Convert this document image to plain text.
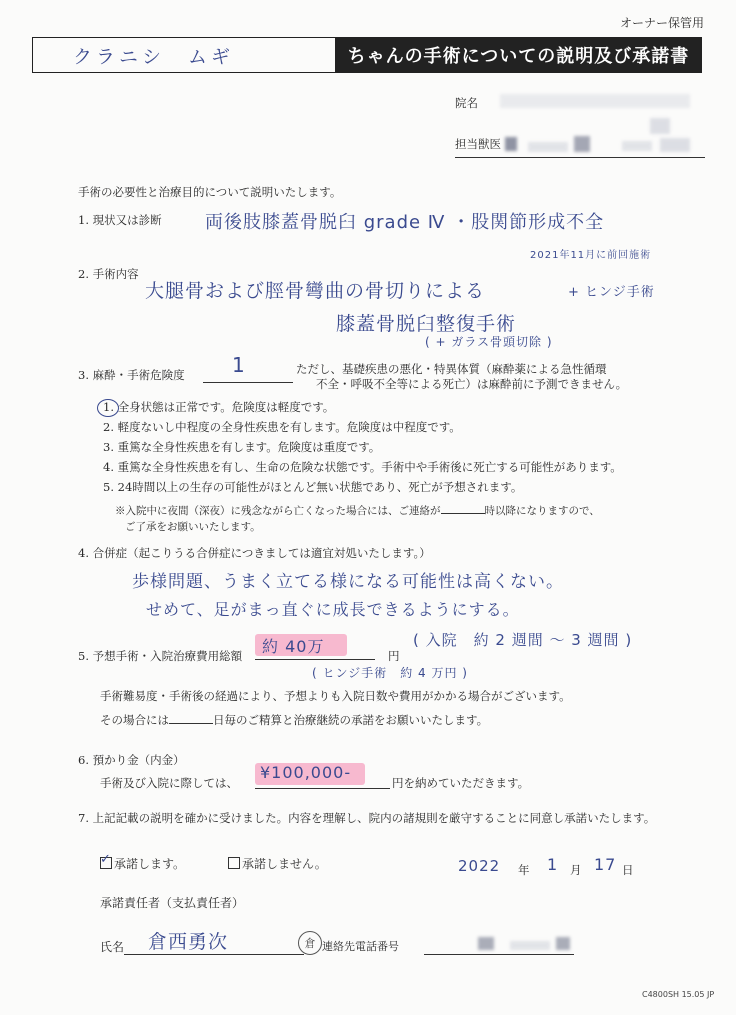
オーナー保管用
クラニシ　ムギ	ちゃんの手術についての説明及び承諾書
院名
担当獣医
手術の必要性と治療目的について説明いたします。
1. 現状又は診断 両後肢膝蓋骨脱臼 grade Ⅳ ・股関節形成不全
2. 手術内容
2021年11月に前回施術
大腿骨および脛骨彎曲の骨切りによる	+ ヒンジ手術
膝蓋骨脱臼整復手術
( + ガラス骨頭切除 )
3. 麻酔・手術危険度 1	ただし、基礎疾患の悪化・特異体質（麻酔薬による急性循環
不全・呼吸不全等による死亡）は麻酔前に予測できません。
1. 全身状態は正常です。危険度は軽度です。
2. 軽度ないし中程度の全身性疾患を有します。危険度は中程度です。
3. 重篤な全身性疾患を有します。危険度は重度です。
4. 重篤な全身性疾患を有し、生命の危険な状態です。手術中や手術後に死亡する可能性があります。
5. 24時間以上の生存の可能性がほとんど無い状態であり、死亡が予想されます。
※入院中に夜間（深夜）に残念ながら亡くなった場合には、ご連絡が	時以降になりますので、
ご了承をお願いいたします。
4. 合併症（起こりうる合併症につきましては適宜対処いたします。）
歩様問題、うまく立てる様になる可能性は高くない。
せめて、足がまっ直ぐに成長できるようにする。
5. 予想手術・入院治療費用総額 約 40万	円
( 入院　約 2 週間 ～ 3 週間 )
( ヒンジ手術　約 4 万円 )
手術難易度・手術後の経過により、予想よりも入院日数や費用がかかる場合がございます。
その場合には	日毎のご精算と治療継続の承諾をお願いいたします。
6. 預かり金（内金）
手術及び入院に際しては、
¥100,000-
円を納めていただきます。
7. 上記記載の説明を確かに受けました。内容を理解し、院内の諸規則を厳守することに同意し承諾いたします。
✓ 承諾します。	承諾しません。	2022 年 1 月 17 日
承諾責任者（支払責任者）
氏名 倉西勇次	倉 連絡先電話番号
C4800SH 15.05 JP
